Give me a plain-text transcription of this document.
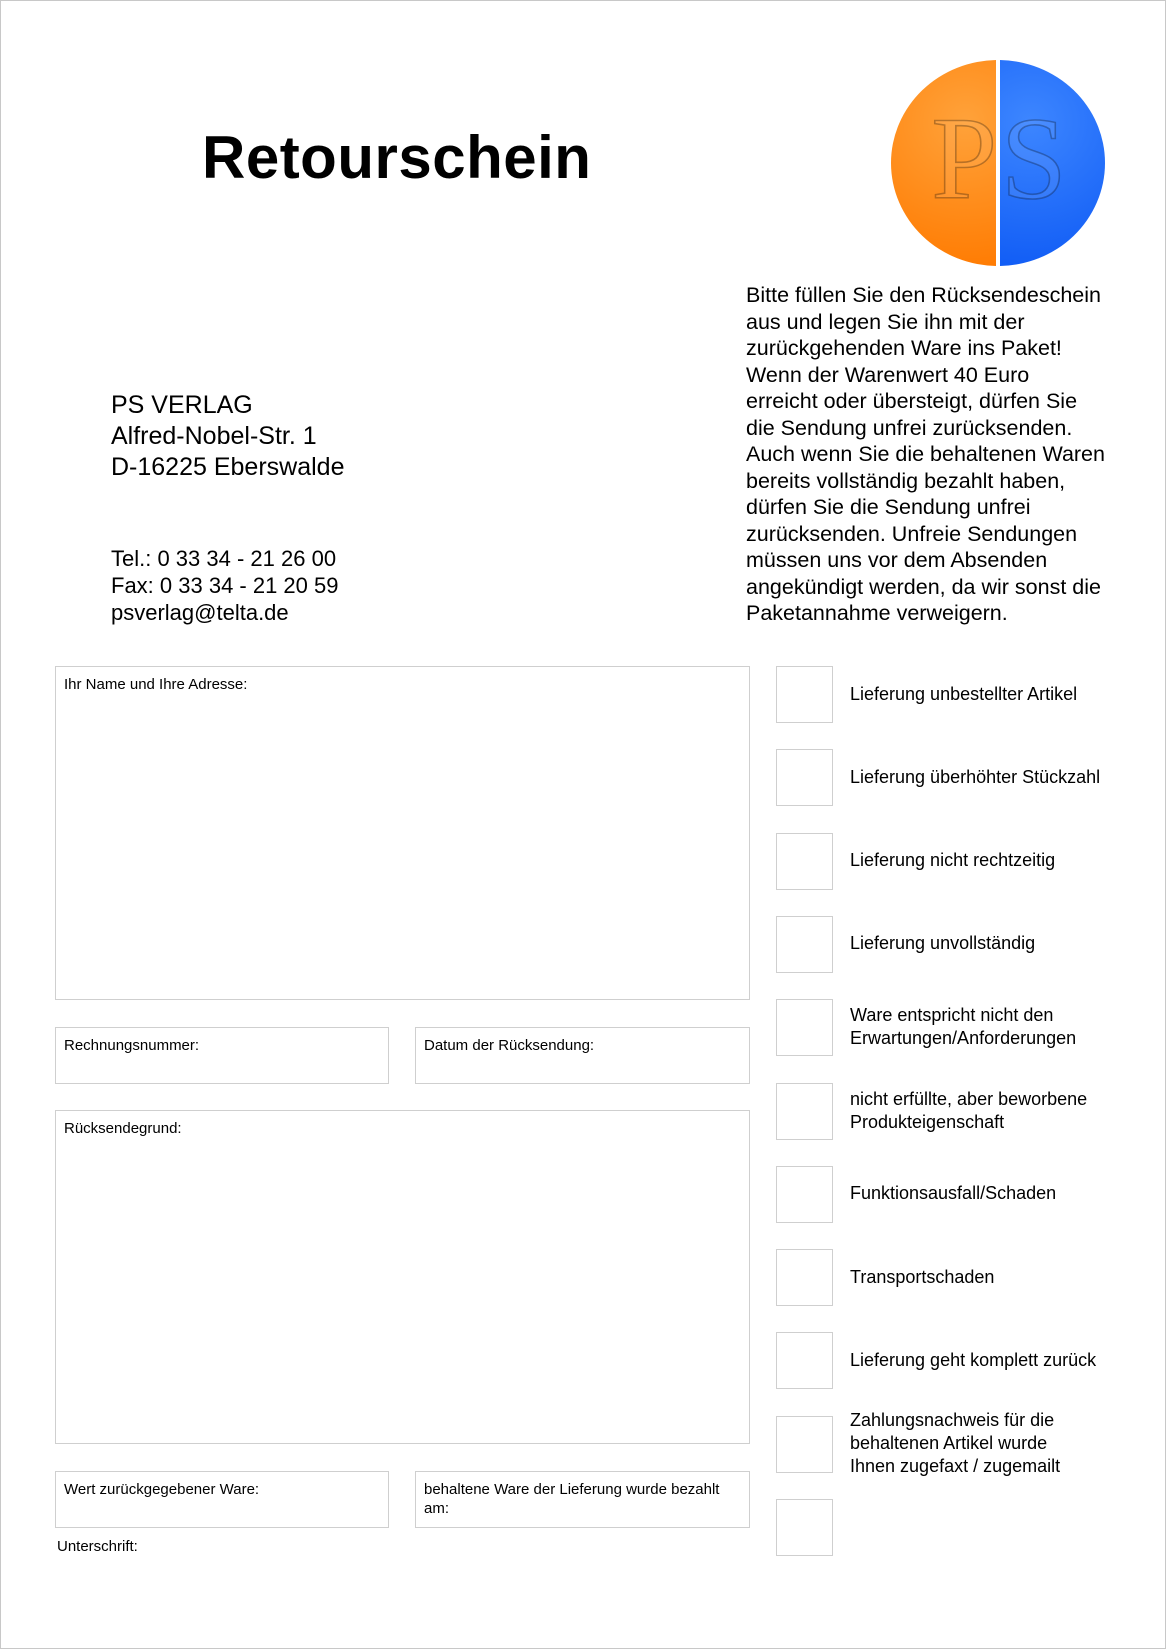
Retourschein	PS
Bitte füllen Sie den Rücksendeschein
aus und legen Sie ihn mit der
zurückgehenden Ware ins Paket!
Wenn der Warenwert 40 Euro
erreicht oder übersteigt, dürfen Sie
die Sendung unfrei zurücksenden.
Auch wenn Sie die behaltenen Waren
bereits vollständig bezahlt haben,
dürfen Sie die Sendung unfrei
zurücksenden. Unfreie Sendungen
müssen uns vor dem Absenden
angekündigt werden, da wir sonst die
Paketannahme verweigern.
PS VERLAG
Alfred-Nobel-Str. 1
D-16225 Eberswalde
Tel.: 0 33 34 - 21 26 00
Fax: 0 33 34 - 21 20 59
psverlag@telta.de
Ihr Name und Ihre Adresse:
Rechnungsnummer:	Datum der Rücksendung:
Rücksendegrund:
Wert zurückgegebener Ware:	behaltene Ware der Lieferung wurde bezahlt am:
Unterschrift:
Lieferung unbestellter Artikel
Lieferung überhöhter Stückzahl
Lieferung nicht rechtzeitig
Lieferung unvollständig
Ware entspricht nicht den
Erwartungen/Anforderungen
nicht erfüllte, aber beworbene
Produkteigenschaft
Funktionsausfall/Schaden
Transportschaden
Lieferung geht komplett zurück
Zahlungsnachweis für die
behaltenen Artikel wurde
Ihnen zugefaxt / zugemailt
